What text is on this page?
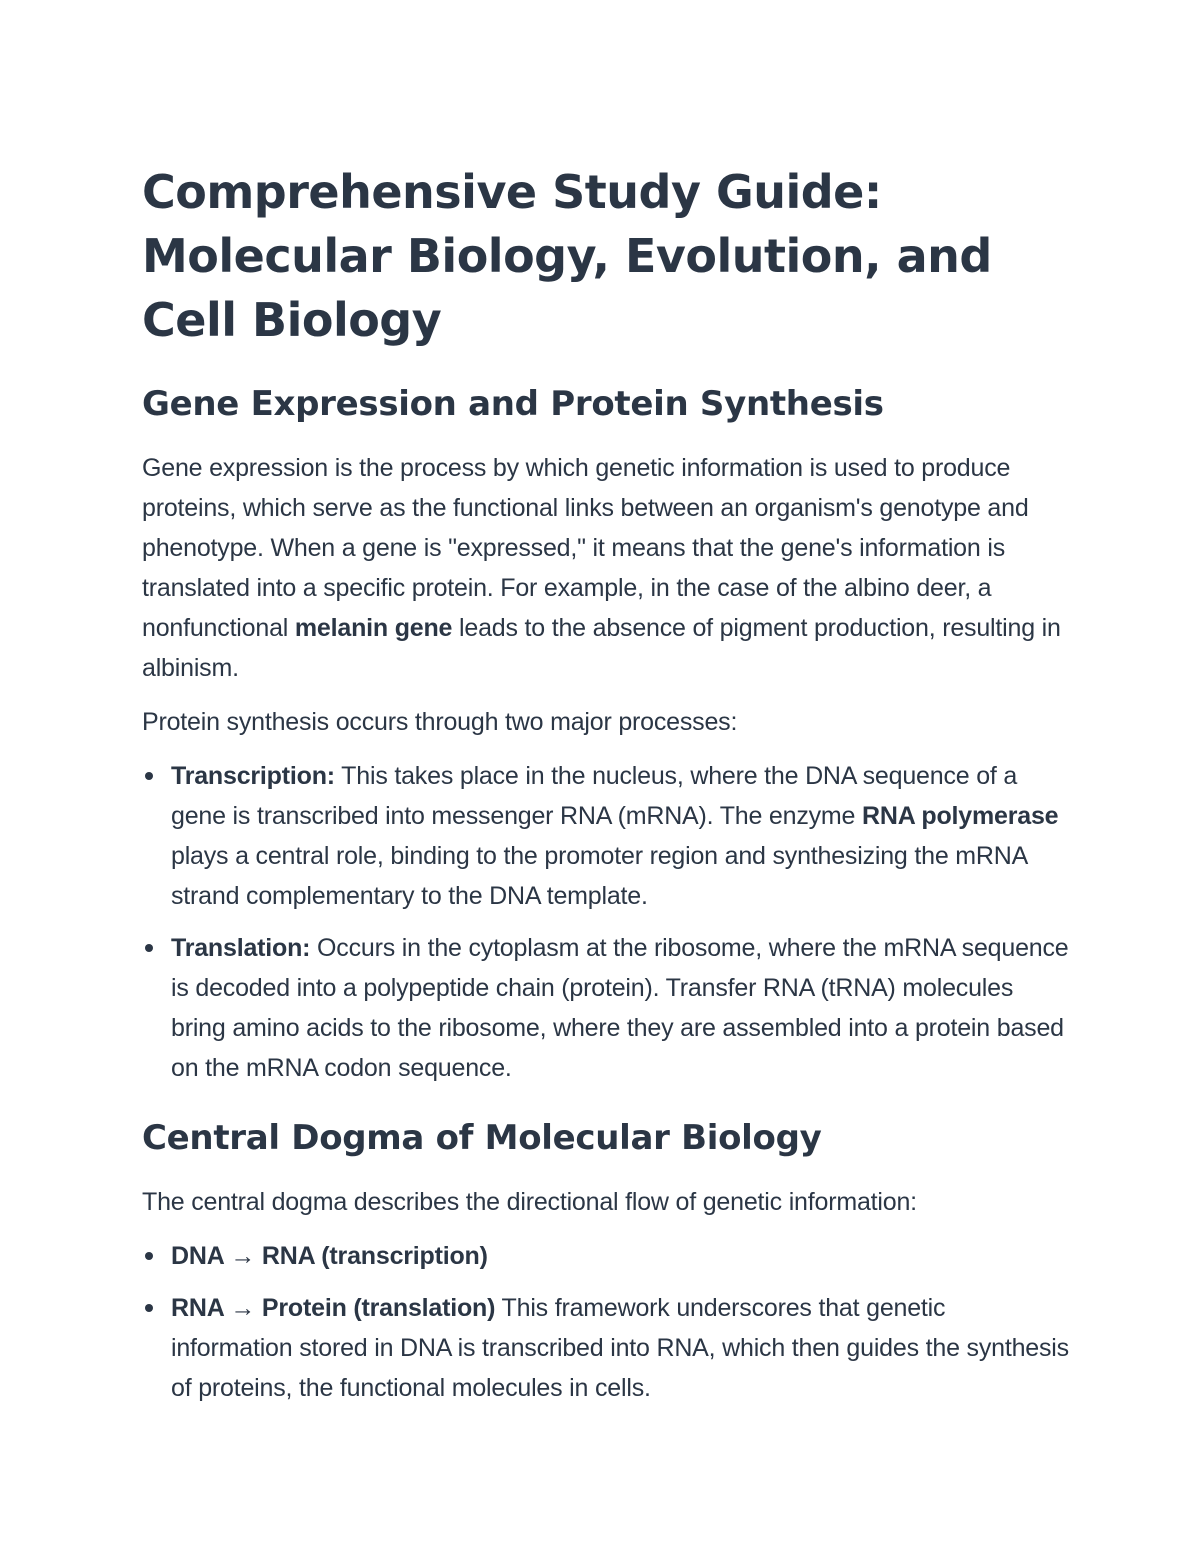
Comprehensive Study Guide: Molecular Biology, Evolution, and Cell Biology
Gene Expression and Protein Synthesis

Gene expression is the process by which genetic information is used to produce proteins, which serve as the functional links between an organism's genotype and phenotype. When a gene is "expressed," it means that the gene's information is translated into a specific protein. For example, in the case of the albino deer, a nonfunctional melanin gene leads to the absence of pigment production, resulting in albinism.

Protein synthesis occurs through two major processes:

Transcription: This takes place in the nucleus, where the DNA sequence of a gene is transcribed into messenger RNA (mRNA). The enzyme RNA polymerase plays a central role, binding to the promoter region and synthesizing the mRNA strand complementary to the DNA template.
Translation: Occurs in the cytoplasm at the ribosome, where the mRNA sequence is decoded into a polypeptide chain (protein). Transfer RNA (tRNA) molecules bring amino acids to the ribosome, where they are assembled into a protein based on the mRNA codon sequence.
Central Dogma of Molecular Biology

The central dogma describes the directional flow of genetic information:

DNA → RNA (transcription)
RNA → Protein (translation) This framework underscores that genetic information stored in DNA is transcribed into RNA, which then guides the synthesis of proteins, the functional molecules in cells.
